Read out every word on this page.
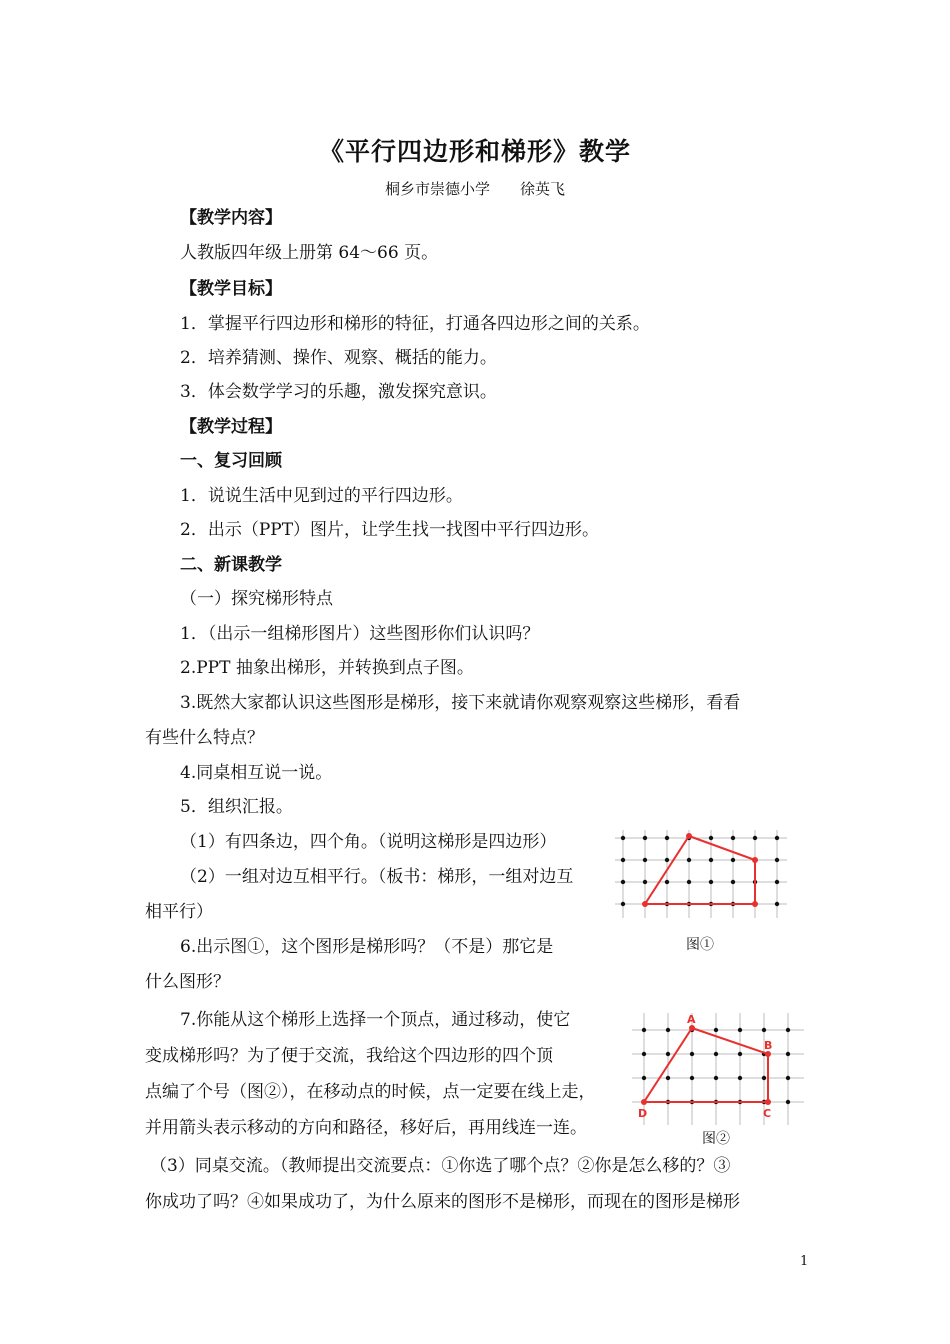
《平行四边形和梯形》教学
桐乡市崇德小学　　徐英飞
【教学内容】
人教版四年级上册第 64～66 页。
【教学目标】
1．掌握平行四边形和梯形的特征，打通各四边形之间的关系。
2．培养猜测、操作、观察、概括的能力。
3．体会数学学习的乐趣，激发探究意识。
【教学过程】
一、复习回顾
1．说说生活中见到过的平行四边形。
2．出示（PPT）图片，让学生找一找图中平行四边形。
二、新课教学
（一）探究梯形特点
1．（出示一组梯形图片）这些图形你们认识吗？
2.PPT 抽象出梯形，并转换到点子图。
3.既然大家都认识这些图形是梯形，接下来就请你观察观察这些梯形，看看
有些什么特点？
4.同桌相互说一说。
5．组织汇报。
（1）有四条边，四个角。（说明这梯形是四边形）
（2）一组对边互相平行。（板书：梯形，一组对边互
相平行）
6.出示图①，这个图形是梯形吗？（不是）那它是
什么图形？
7.你能从这个梯形上选择一个顶点，通过移动，使它
变成梯形吗？为了便于交流，我给这个四边形的四个顶
点编了个号（图②），在移动点的时候，点一定要在线上走，
并用箭头表示移动的方向和路径，移好后，再用线连一连。
（3）同桌交流。（教师提出交流要点：①你选了哪个点？②你是怎么移的？③
你成功了吗？④如果成功了，为什么原来的图形不是梯形，而现在的图形是梯形
图①
A
B
C
D
图②
1
